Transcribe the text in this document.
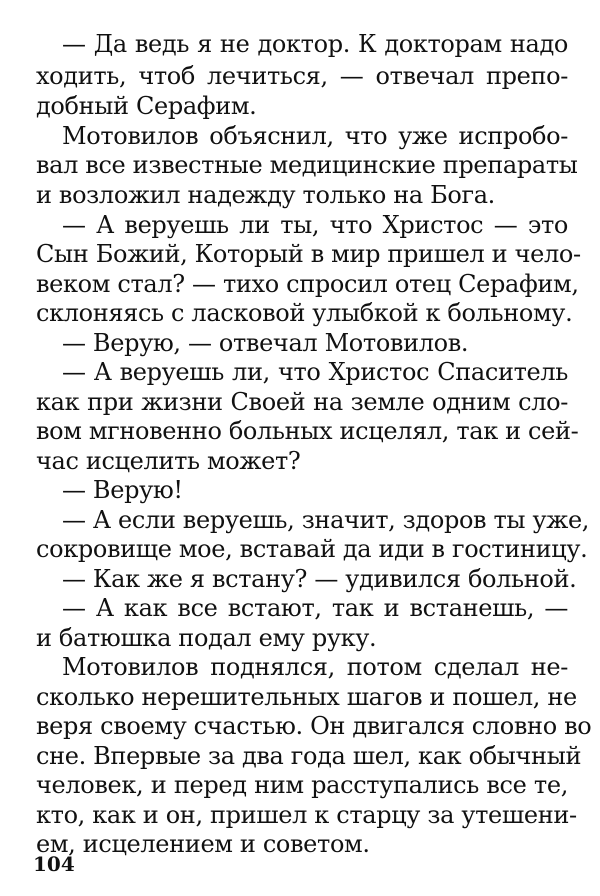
— Да ведь я не доктор. К докторам надо
ходить, чтоб лечиться, — отвечал препо-
добный Серафим.
Мотовилов объяснил, что уже испробо-
вал все известные медицинские препараты
и возложил надежду только на Бога.
— А веруешь ли ты, что Христос — это
Сын Божий, Который в мир пришел и чело-
веком стал? — тихо спросил отец Серафим,
склоняясь с ласковой улыбкой к больному.
— Верую, — отвечал Мотовилов.
— А веруешь ли, что Христос Спаситель
как при жизни Своей на земле одним сло-
вом мгновенно больных исцелял, так и сей-
час исцелить может?
— Верую!
— А если веруешь, значит, здоров ты уже,
сокровище мое, вставай да иди в гостиницу.
— Как же я встану? — удивился больной.
— А как все встают, так и встанешь, —
и батюшка подал ему руку.
Мотовилов поднялся, потом сделал не-
сколько нерешительных шагов и пошел, не
веря своему счастью. Он двигался словно во
сне. Впервые за два года шел, как обычный
человек, и перед ним расступались все те,
кто, как и он, пришел к старцу за утешени-
ем, исцелением и советом.
104
